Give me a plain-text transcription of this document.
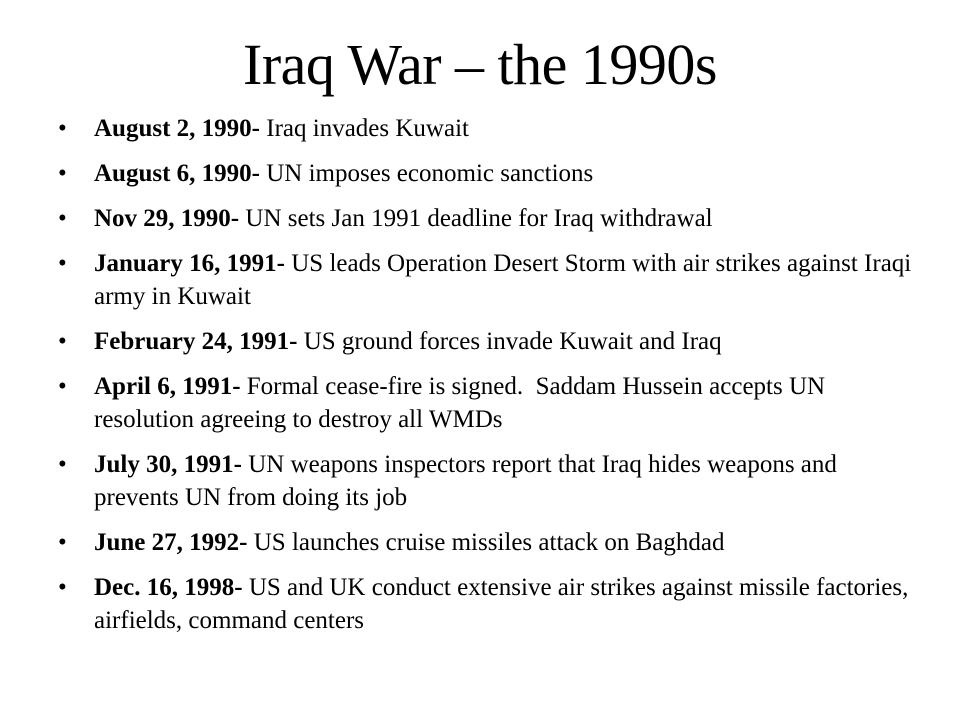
Iraq War – the 1990s
•	August 2, 1990- Iraq invades Kuwait
•	August 6, 1990- UN imposes economic sanctions
•	Nov 29, 1990- UN sets Jan 1991 deadline for Iraq withdrawal
•	January 16, 1991- US leads Operation Desert Storm with air strikes against Iraqi army in Kuwait
•	February 24, 1991- US ground forces invade Kuwait and Iraq
•	April 6, 1991- Formal cease-fire is signed.  Saddam Hussein accepts UN resolution agreeing to destroy all WMDs
•	July 30, 1991- UN weapons inspectors report that Iraq hides weapons and prevents UN from doing its job
•	June 27, 1992- US launches cruise missiles attack on Baghdad
•	Dec. 16, 1998- US and UK conduct extensive air strikes against missile factories, airfields, command centers
